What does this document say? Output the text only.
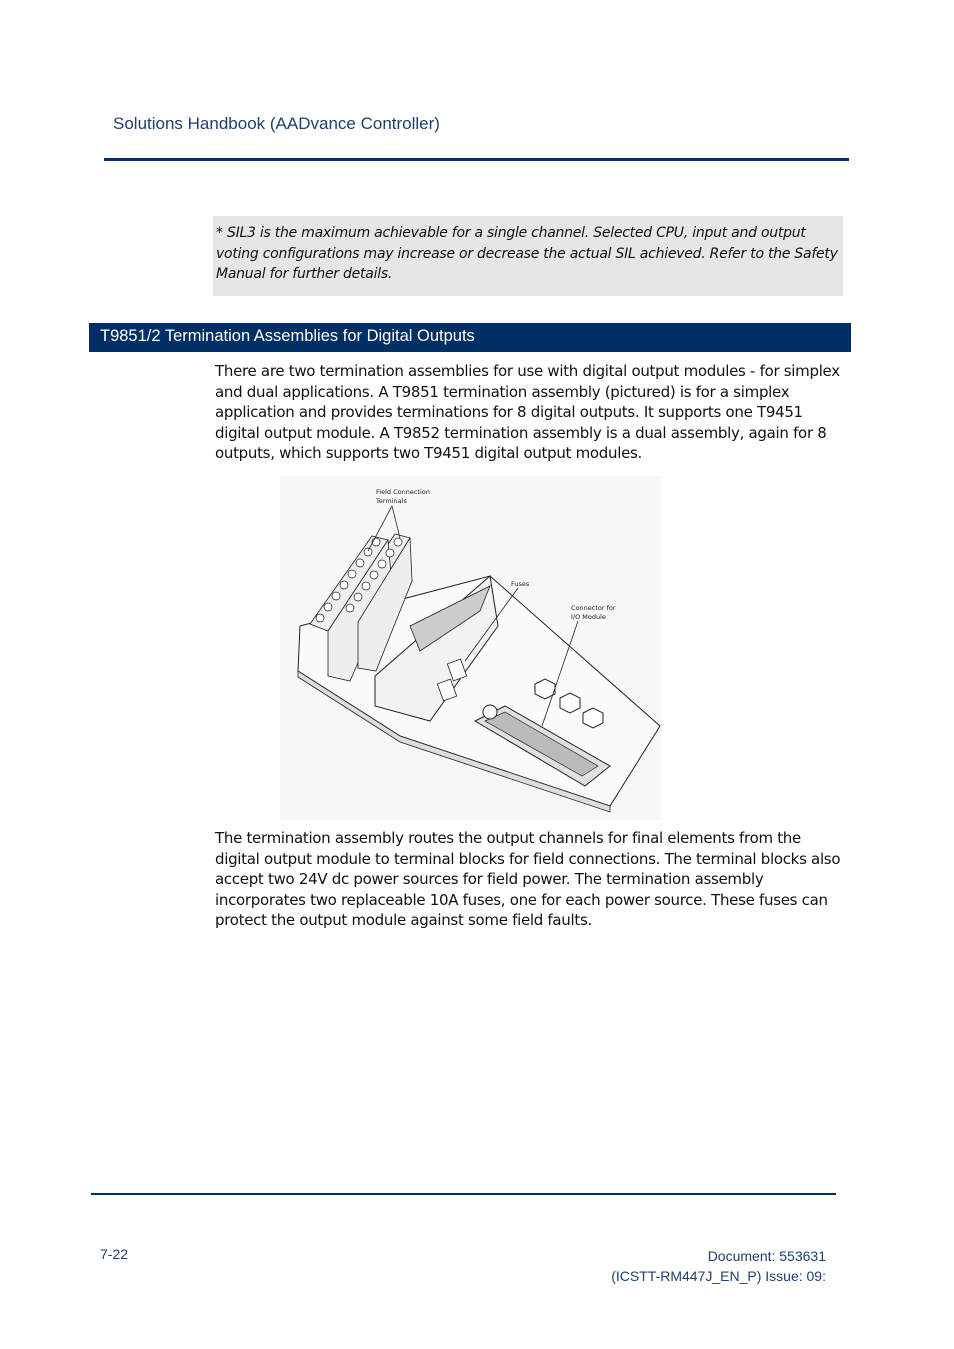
Solutions Handbook (AADvance Controller)
* SIL3 is the maximum achievable for a single channel. Selected CPU, input and output voting configurations may increase or decrease the actual SIL achieved. Refer to the Safety Manual for further details.
T9851/2 Termination Assemblies for Digital Outputs
There are two termination assemblies for use with digital output modules - for simplex and dual applications. A T9851 termination assembly (pictured) is for a simplex application and provides terminations for 8 digital outputs. It supports one T9451 digital output module. A T9852 termination assembly is a dual assembly, again for 8 outputs, which supports two T9451 digital output modules.
Field Connection
Terminals
Fuses
Connector for
I/O Module
The termination assembly routes the output channels for final elements from the digital output module to terminal blocks for field connections. The terminal blocks also accept two 24V dc power sources for field power. The termination assembly incorporates two replaceable 10A fuses, one for each power source. These fuses can protect the output module against some field faults.
7-22	Document: 553631
(ICSTT-RM447J_EN_P) Issue: 09:
